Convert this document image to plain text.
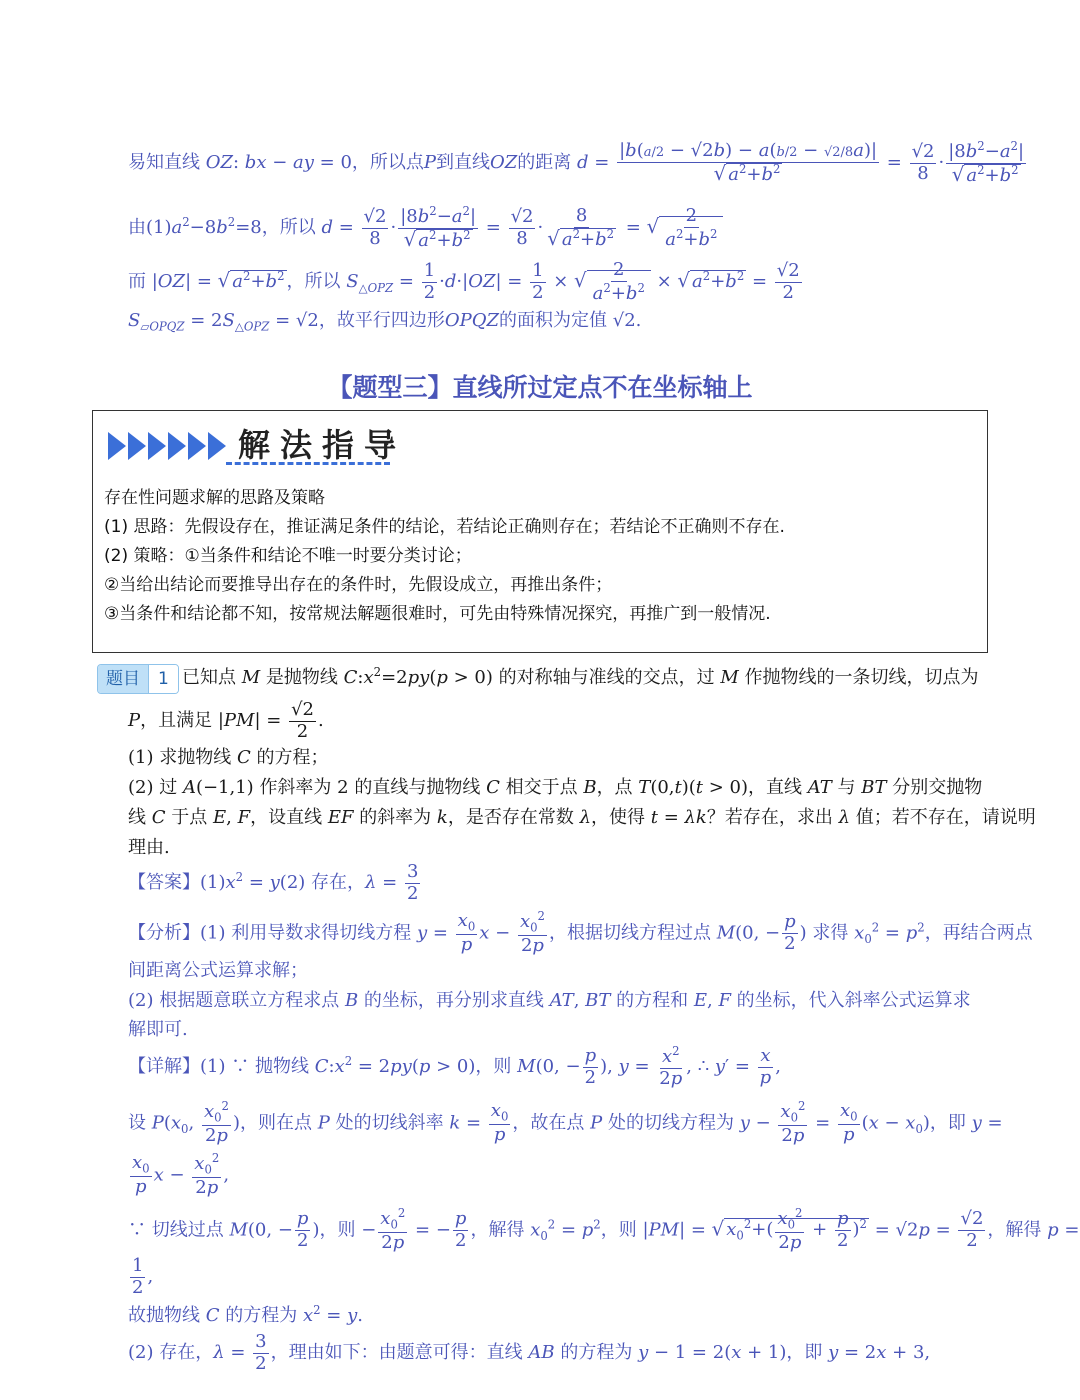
易知直线 OZ: bx − ay = 0，所以点P到直线OZ的距离 $d = \frac{|b(a/2 - √2b) - a(b/2 - √2/8a)|}{√ a^2+b^2} = \frac{√2}{8} \cdot \frac{|8b^2-a^2|}{√ a^2+b^2}$
由$(1)a^2-8b^2=8$，所以 $d = \frac{√2}{8} \cdot \frac{|8b^2-a^2|}{√ a^2+b^2} = \frac{√2}{8} \cdot \frac{8}{√ a^2+b^2}$ = √ $\frac{2}{a^2+b^2}$
而 |OZ| = √ $a^2+b^2$ ，所以 $S_{\triangle OPZ} = \frac{1}{2} \cdot d\cdot|OZ| = \frac{1}{2}$ × √ $\frac{2}{a^2+b^2}$ × √ $a^2+b^2 = \frac{√2}{2}$
$S_{▱OPQZ} = 2S_{\triangle OPZ} = √2$，故平行四边形OPQZ的面积为定值 √2.
【题型三】直线所过定点不在坐标轴上
解法指导
存在性问题求解的思路及策略
(1) 思路：先假设存在，推证满足条件的结论，若结论正确则存在；若结论不正确则不存在.
(2) 策略：①当条件和结论不唯一时要分类讨论；
②当给出结论而要推导出存在的条件时，先假设成立，再推出条件；
③当条件和结论都不知，按常规法解题很难时，可先由特殊情况探究，再推广到一般情况.
题目	1 已知点 M 是抛物线 $C:x^2=2py(p > 0)$ 的对称轴与准线的交点，过 M 作抛物线的一条切线，切点为
P，且满足 $|PM| = \frac{√2}{2}$ .
(1) 求抛物线 C 的方程；
(2) 过 A(−1,1) 作斜率为 2 的直线与抛物线 C 相交于点 B，点 T(0,t)(t > 0)，直线 AT 与 BT 分别交抛物
线 C 于点 E, F，设直线 EF 的斜率为 k，是否存在常数 λ，使得 t = λk？若存在，求出 λ 值；若不存在，请说明
理由.
【答案】$(1)x^2 = y(2)$ 存在，$\lambda = \frac{3}{2}$
【分析】(1) 利用导数求得切线方程 $y = \frac{x_0}{p}$ $x - \frac{x_0^2}{2p}$ ，根据切线方程过点 M(0, − $\frac{p}{2}$ ) 求得 $x_0^2 = p^2$，再结合两点
间距离公式运算求解；
(2) 根据题意联立方程求点 B 的坐标，再分别求直线 AT, BT 的方程和 E, F 的坐标，代入斜率公式运算求
解即可.
【详解】(1) ∵ 抛物线 $C:x^2 = 2py(p > 0)$，则 M(0, − $\frac{p}{2}$ ), $y = \frac{x^2}{2p}$ , ∴ $y' = \frac{x}{p}$ ,
设 $P(x_0$, $\frac{x_0^2}{2p}$ )，则在点 P 处的切线斜率 $k = \frac{x_0}{p}$ ，故在点 P 处的切线方程为 $y - \frac{x_0^2}{2p} = \frac{x_0}{p} (x - x_0)$，即 y =
$\frac{x_0}{p}$ $x - \frac{x_0^2}{2p}$ ,
∵ 切线过点 M(0, − $\frac{p}{2}$ )，则 − $\frac{x_0^2}{2p}$ = − $\frac{p}{2}$ ，解得 $x_0^2 = p^2$，则 |PM| = √ $x_0^2+( \frac{x_0^2}{2p} + \frac{p}{2} )^2 = √2p = \frac{√2}{2}$ ，解得 p =
$\frac{1}{2}$ ,
故抛物线 C 的方程为 $x^2 = y$.
(2) 存在，$\lambda = \frac{3}{2}$ ，理由如下：由题意可得：直线 AB 的方程为 y − 1 = 2(x + 1)，即 y = 2x + 3,
